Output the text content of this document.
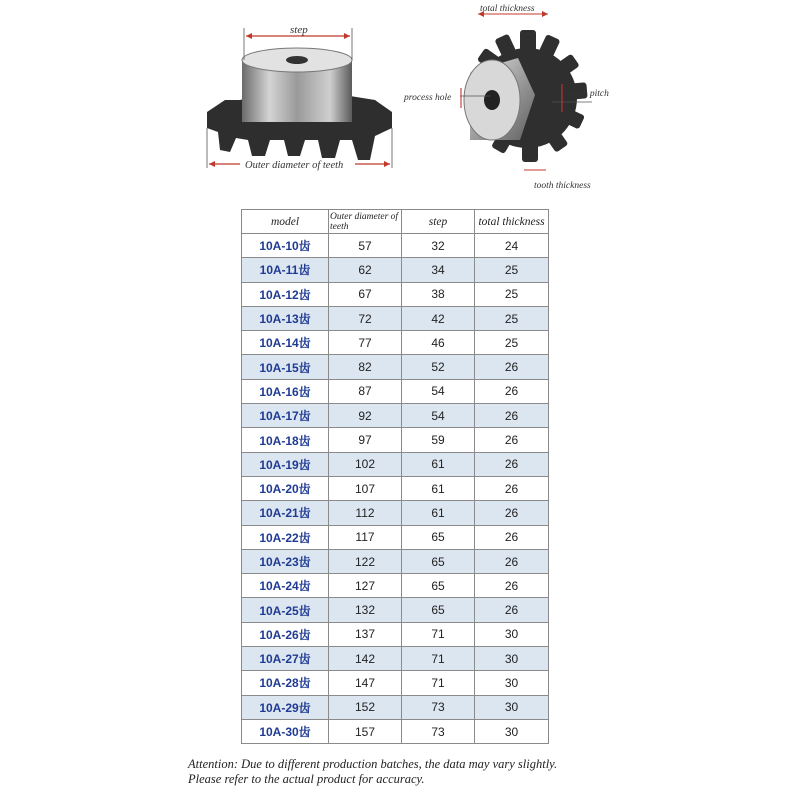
step
Outer diameter of teeth
total thickness
process hole	tooth pitch
tooth thickness
model	Outer diameter of teeth	step	total thickness
10A-10齿	57	32	24
10A-11齿	62	34	25
10A-12齿	67	38	25
10A-13齿	72	42	25
10A-14齿	77	46	25
10A-15齿	82	52	26
10A-16齿	87	54	26
10A-17齿	92	54	26
10A-18齿	97	59	26
10A-19齿	102	61	26
10A-20齿	107	61	26
10A-21齿	112	61	26
10A-22齿	117	65	26
10A-23齿	122	65	26
10A-24齿	127	65	26
10A-25齿	132	65	26
10A-26齿	137	71	30
10A-27齿	142	71	30
10A-28齿	147	71	30
10A-29齿	152	73	30
10A-30齿	157	73	30
Attention: Due to different production batches, the data may vary slightly.
Please refer to the actual product for accuracy.
